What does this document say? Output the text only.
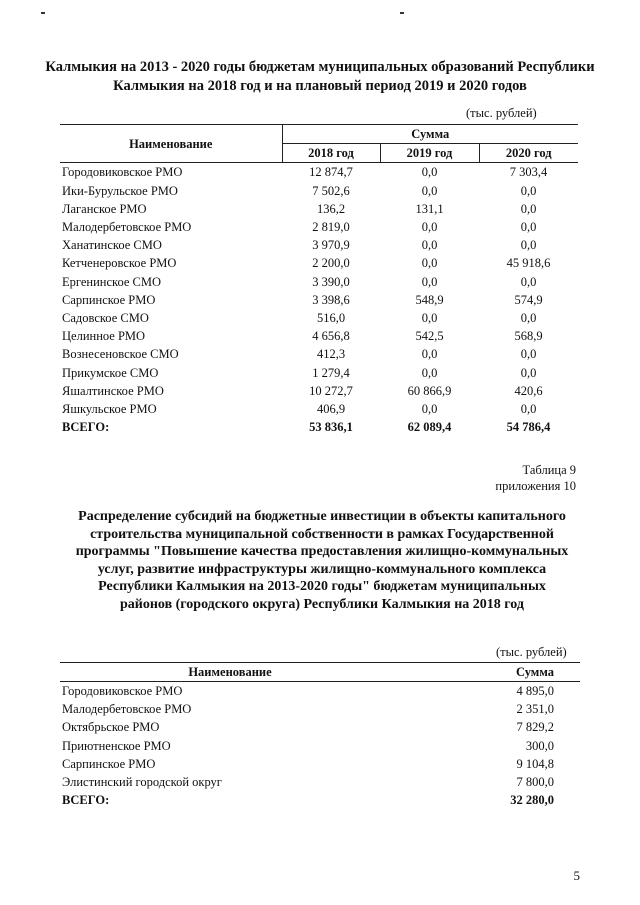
Калмыкия на 2013 - 2020 годы бюджетам муниципальных образований Республики Калмыкия на 2018 год и на плановый период 2019 и 2020 годов
(тыс. рублей)
Наименование	Сумма		
	2018 год	2019 год	2020 год
Городовиковское РМО	12 874,7	0,0	7 303,4
Ики-Бурульское РМО	7 502,6	0,0	0,0
Лаганское РМО	136,2	131,1	0,0
Малодербетовское РМО	2 819,0	0,0	0,0
Ханатинское СМО	3 970,9	0,0	0,0
Кетченеровское РМО	2 200,0	0,0	45 918,6
Ергенинское СМО	3 390,0	0,0	0,0
Сарпинское РМО	3 398,6	548,9	574,9
Садовское СМО	516,0	0,0	0,0
Целинное РМО	4 656,8	542,5	568,9
Вознесеновское СМО	412,3	0,0	0,0
Прикумское СМО	1 279,4	0,0	0,0
Яшалтинское РМО	10 272,7	60 866,9	420,6
Яшкульское РМО	406,9	0,0	0,0
ВСЕГО:	53 836,1	62 089,4	54 786,4
Таблица 9
приложения 10
Распределение субсидий на бюджетные инвестиции в объекты капитального строительства муниципальной собственности в рамках Государственной программы "Повышение качества предоставления жилищно-коммунальных услуг, развитие инфраструктуры жилищно-коммунального комплекса Республики Калмыкия на 2013-2020 годы" бюджетам муниципальных районов (городского округа) Республики Калмыкия на 2018 год
(тыс. рублей)
Наименование	Сумма
Городовиковское РМО	4 895,0
Малодербетовское РМО	2 351,0
Октябрьское РМО	7 829,2
Приютненское РМО	300,0
Сарпинское РМО	9 104,8
Элистинский городской округ	7 800,0
ВСЕГО:	32 280,0
5
